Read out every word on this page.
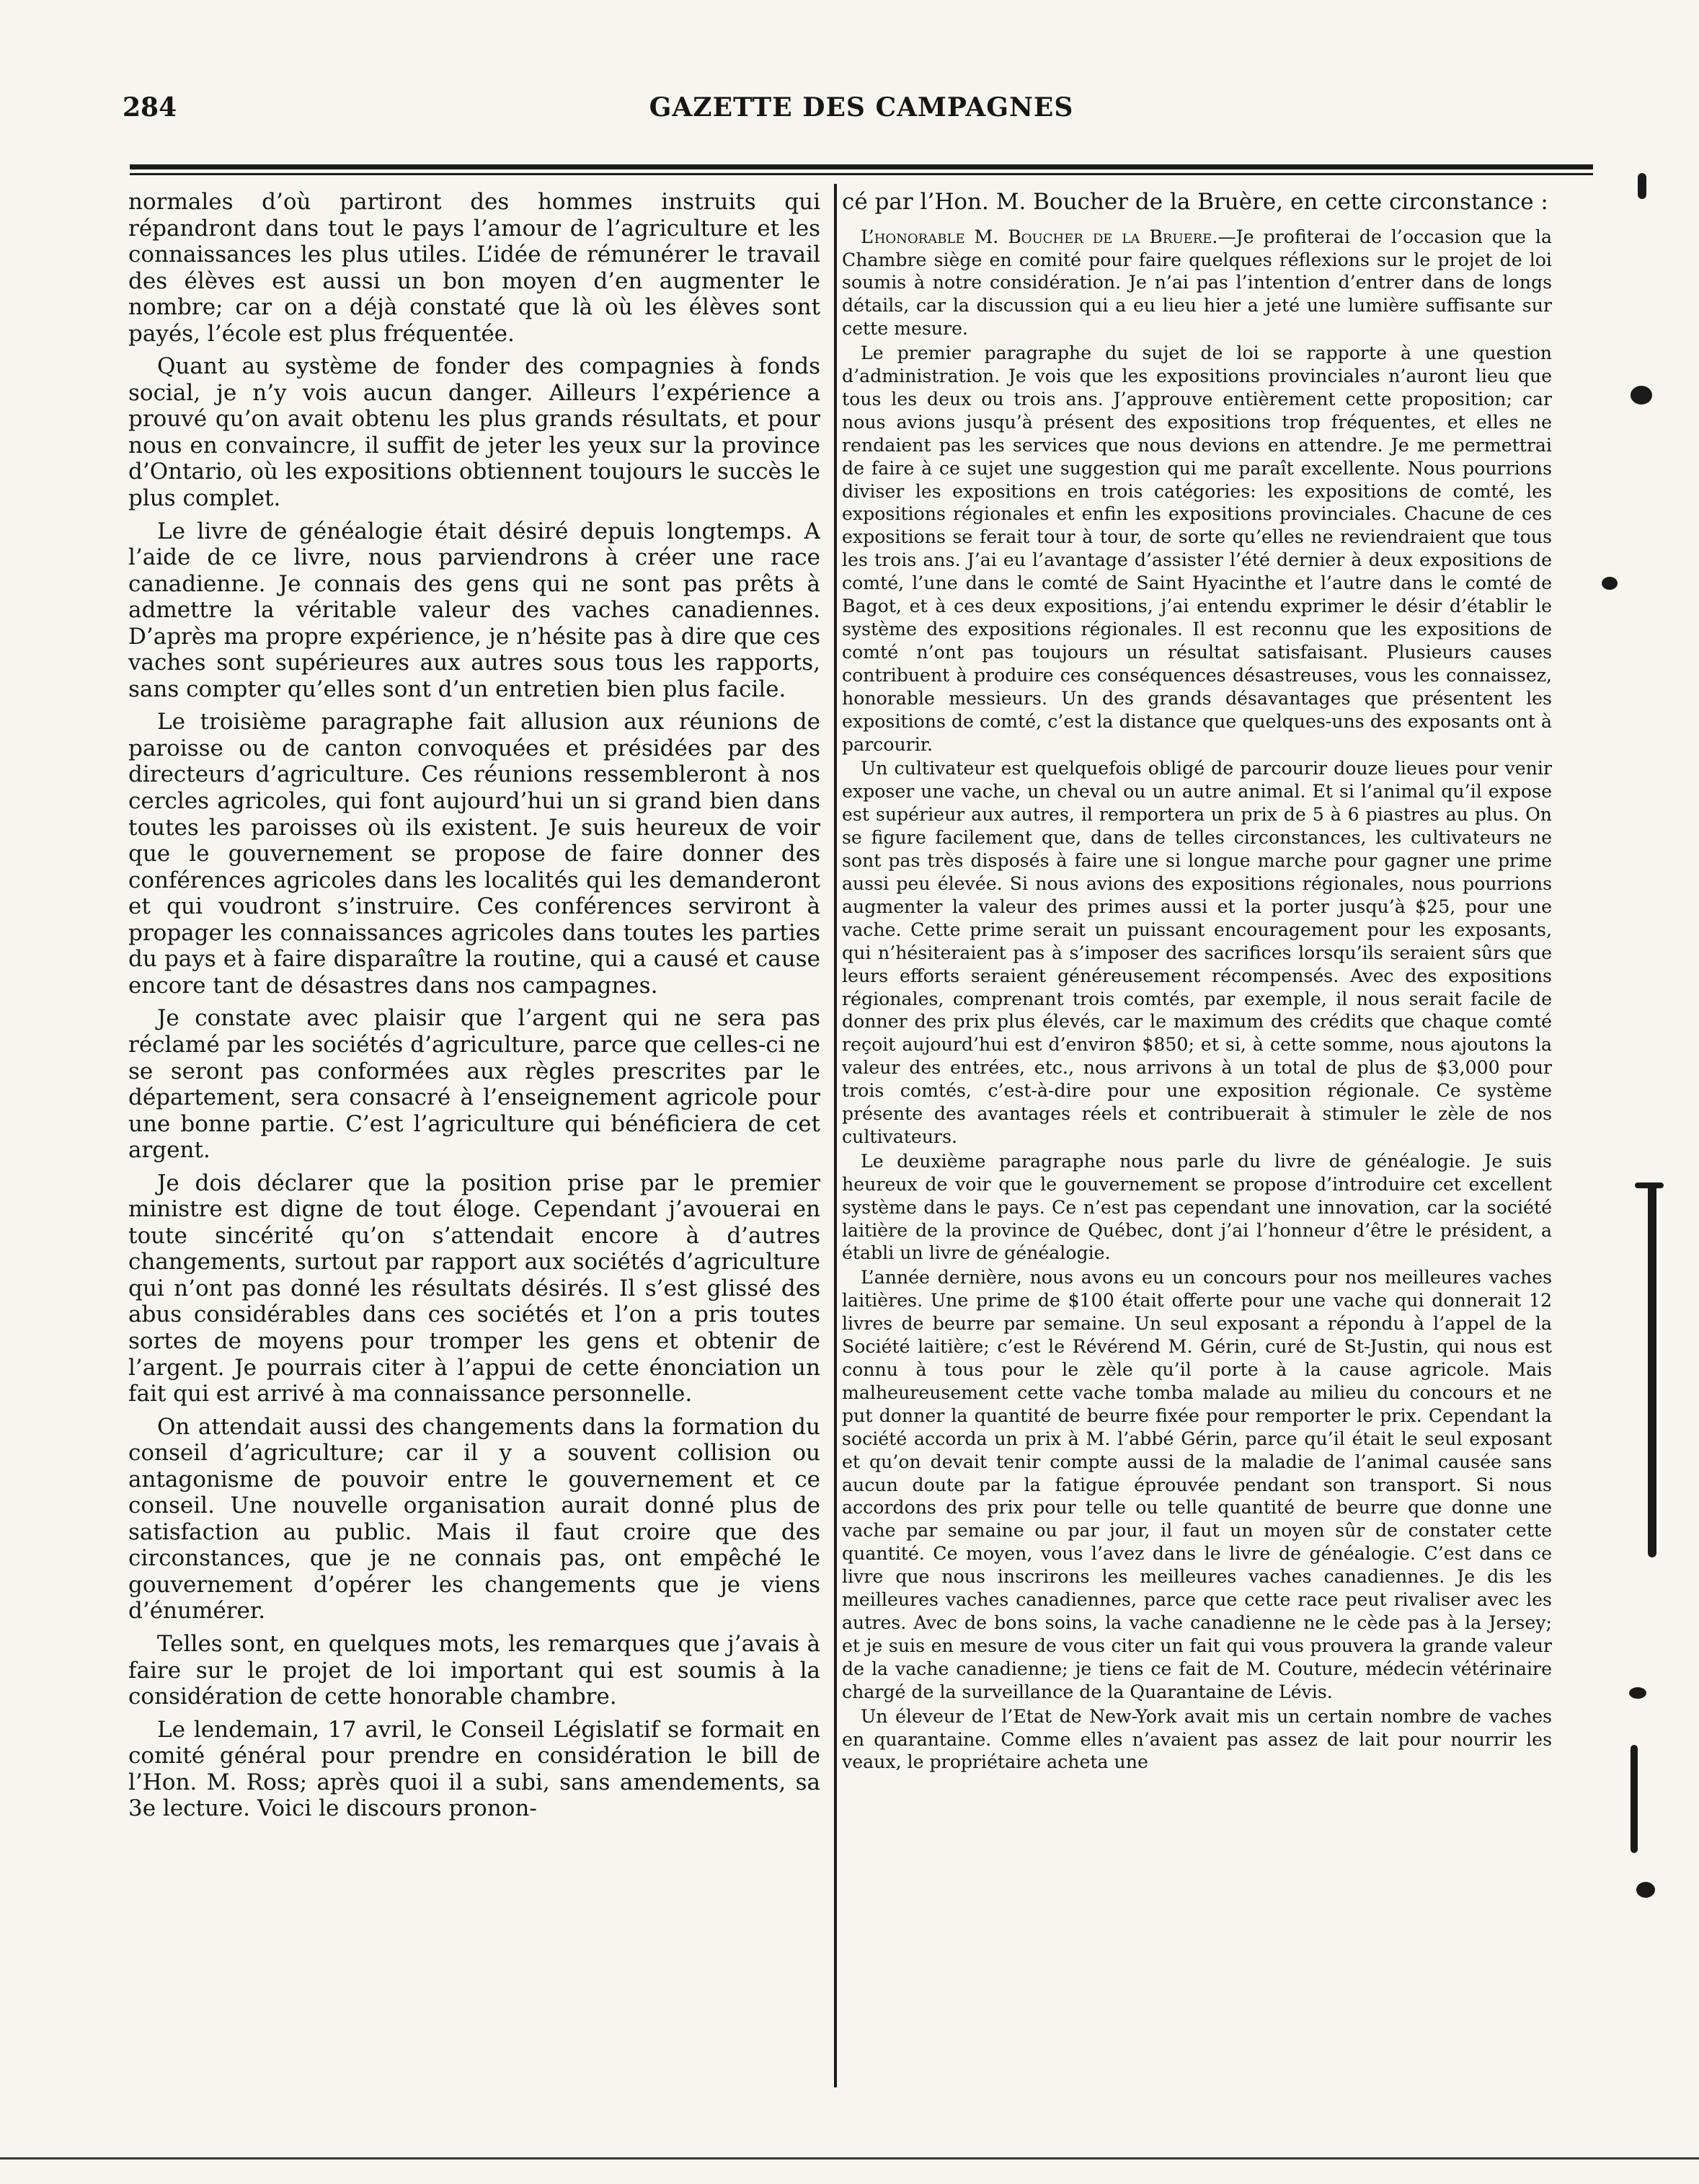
284	GAZETTE DES CAMPAGNES

normales d’où partiront des hommes instruits qui répandront dans tout le pays l’amour de l’agriculture et les connaissances les plus utiles. L’idée de rémunérer le travail des élèves est aussi un bon moyen d’en augmenter le nombre; car on a déjà constaté que là où les élèves sont payés, l’école est plus fréquentée.

Quant au système de fonder des compagnies à fonds social, je n’y vois aucun danger. Ailleurs l’expérience a prouvé qu’on avait obtenu les plus grands résultats, et pour nous en convaincre, il suffit de jeter les yeux sur la province d’Ontario, où les expositions obtiennent toujours le succès le plus complet.

Le livre de généalogie était désiré depuis longtemps. A l’aide de ce livre, nous parviendrons à créer une race canadienne. Je connais des gens qui ne sont pas prêts à admettre la véritable valeur des vaches canadiennes. D’après ma propre expérience, je n’hésite pas à dire que ces vaches sont supérieures aux autres sous tous les rapports, sans compter qu’elles sont d’un entretien bien plus facile.

Le troisième paragraphe fait allusion aux réunions de paroisse ou de canton convoquées et présidées par des directeurs d’agriculture. Ces réunions ressembleront à nos cercles agricoles, qui font aujourd’hui un si grand bien dans toutes les paroisses où ils existent. Je suis heureux de voir que le gouvernement se propose de faire donner des conférences agricoles dans les localités qui les demanderont et qui voudront s’instruire. Ces conférences serviront à propager les connaissances agricoles dans toutes les parties du pays et à faire disparaître la routine, qui a causé et cause encore tant de désastres dans nos campagnes.

Je constate avec plaisir que l’argent qui ne sera pas réclamé par les sociétés d’agriculture, parce que celles-ci ne se seront pas conformées aux règles prescrites par le département, sera consacré à l’enseignement agricole pour une bonne partie. C’est l’agriculture qui bénéficiera de cet argent.

Je dois déclarer que la position prise par le premier ministre est digne de tout éloge. Cependant j’avouerai en toute sincérité qu’on s’attendait encore à d’autres changements, surtout par rapport aux sociétés d’agriculture qui n’ont pas donné les résultats désirés. Il s’est glissé des abus considérables dans ces sociétés et l’on a pris toutes sortes de moyens pour tromper les gens et obtenir de l’argent. Je pourrais citer à l’appui de cette énonciation un fait qui est arrivé à ma connaissance personnelle.

On attendait aussi des changements dans la formation du conseil d’agriculture; car il y a souvent collision ou antagonisme de pouvoir entre le gouvernement et ce conseil. Une nouvelle organisation aurait donné plus de satisfaction au public. Mais il faut croire que des circonstances, que je ne connais pas, ont empêché le gouvernement d’opérer les changements que je viens d’énumérer.

Telles sont, en quelques mots, les remarques que j’avais à faire sur le projet de loi important qui est soumis à la considération de cette honorable chambre.

Le lendemain, 17 avril, le Conseil Législatif se formait en comité général pour prendre en considération le bill de l’Hon. M. Ross; après quoi il a subi, sans amendements, sa 3e lecture. Voici le discours pronon-

cé par l’Hon. M. Boucher de la Bruère, en cette circonstance :

L’honorable M. Boucher de la Bruere.—Je profiterai de l’occasion que la Chambre siège en comité pour faire quelques réflexions sur le projet de loi soumis à notre considération. Je n’ai pas l’intention d’entrer dans de longs détails, car la discussion qui a eu lieu hier a jeté une lumière suffisante sur cette mesure.

Le premier paragraphe du sujet de loi se rapporte à une question d’administration. Je vois que les expositions provinciales n’auront lieu que tous les deux ou trois ans. J’approuve entièrement cette proposition; car nous avions jusqu’à présent des expositions trop fréquentes, et elles ne rendaient pas les services que nous devions en attendre. Je me permettrai de faire à ce sujet une suggestion qui me paraît excellente. Nous pourrions diviser les expositions en trois catégories: les expositions de comté, les expositions régionales et enfin les expositions provinciales. Chacune de ces expositions se ferait tour à tour, de sorte qu’elles ne reviendraient que tous les trois ans. J’ai eu l’avantage d’assister l’été dernier à deux expositions de comté, l’une dans le comté de Saint Hyacinthe et l’autre dans le comté de Bagot, et à ces deux expositions, j’ai entendu exprimer le désir d’établir le système des expositions régionales. Il est reconnu que les expositions de comté n’ont pas toujours un résultat satisfaisant. Plusieurs causes contribuent à produire ces conséquences désastreuses, vous les connaissez, honorable messieurs. Un des grands désavantages que présentent les expositions de comté, c’est la distance que quelques-uns des exposants ont à parcourir.

Un cultivateur est quelquefois obligé de parcourir douze lieues pour venir exposer une vache, un cheval ou un autre animal. Et si l’animal qu’il expose est supérieur aux autres, il remportera un prix de 5 à 6 piastres au plus. On se figure facilement que, dans de telles circonstances, les cultivateurs ne sont pas très disposés à faire une si longue marche pour gagner une prime aussi peu élevée. Si nous avions des expositions régionales, nous pourrions augmenter la valeur des primes aussi et la porter jusqu’à $25, pour une vache. Cette prime serait un puissant encouragement pour les exposants, qui n’hésiteraient pas à s’imposer des sacrifices lorsqu’ils seraient sûrs que leurs efforts seraient généreusement récompensés. Avec des expositions régionales, comprenant trois comtés, par exemple, il nous serait facile de donner des prix plus élevés, car le maximum des crédits que chaque comté reçoit aujourd’hui est d’environ $850; et si, à cette somme, nous ajoutons la valeur des entrées, etc., nous arrivons à un total de plus de $3,000 pour trois comtés, c’est-à-dire pour une exposition régionale. Ce système présente des avantages réels et contribuerait à stimuler le zèle de nos cultivateurs.

Le deuxième paragraphe nous parle du livre de généalogie. Je suis heureux de voir que le gouvernement se propose d’introduire cet excellent système dans le pays. Ce n’est pas cependant une innovation, car la société laitière de la province de Québec, dont j’ai l’honneur d’être le président, a établi un livre de généalogie.

L’année dernière, nous avons eu un concours pour nos meilleures vaches laitières. Une prime de $100 était offerte pour une vache qui donnerait 12 livres de beurre par semaine. Un seul exposant a répondu à l’appel de la Société laitière; c’est le Révérend M. Gérin, curé de St-Justin, qui nous est connu à tous pour le zèle qu’il porte à la cause agricole. Mais malheureusement cette vache tomba malade au milieu du concours et ne put donner la quantité de beurre fixée pour remporter le prix. Cependant la société accorda un prix à M. l’abbé Gérin, parce qu’il était le seul exposant et qu’on devait tenir compte aussi de la maladie de l’animal causée sans aucun doute par la fatigue éprouvée pendant son transport. Si nous accordons des prix pour telle ou telle quantité de beurre que donne une vache par semaine ou par jour, il faut un moyen sûr de constater cette quantité. Ce moyen, vous l’avez dans le livre de généalogie. C’est dans ce livre que nous inscrirons les meilleures vaches canadiennes. Je dis les meilleures vaches canadiennes, parce que cette race peut rivaliser avec les autres. Avec de bons soins, la vache canadienne ne le cède pas à la Jersey; et je suis en mesure de vous citer un fait qui vous prouvera la grande valeur de la vache canadienne; je tiens ce fait de M. Couture, médecin vétérinaire chargé de la surveillance de la Quarantaine de Lévis.

Un éleveur de l’Etat de New-York avait mis un certain nombre de vaches en quarantaine. Comme elles n’avaient pas assez de lait pour nourrir les veaux, le propriétaire acheta une
